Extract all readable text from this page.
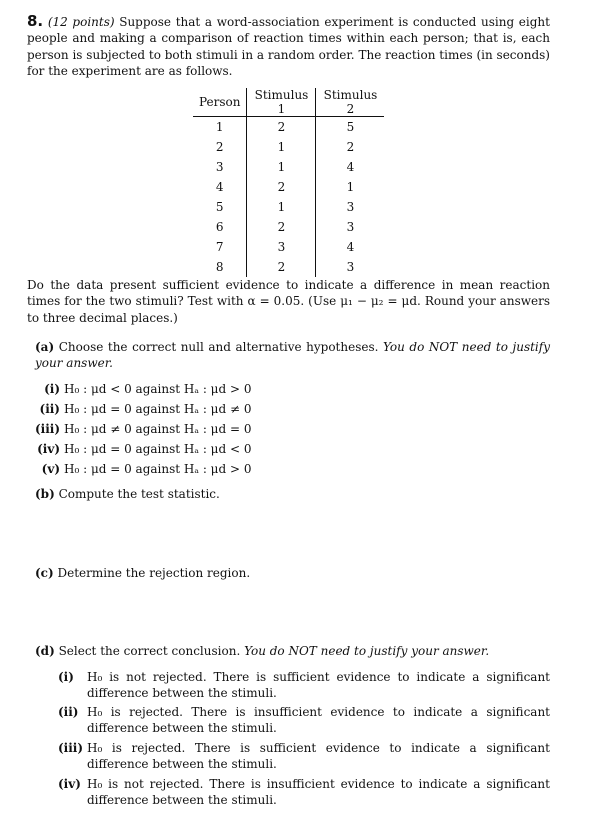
8. (12 points) Suppose that a word-association experiment is conducted using eight people and making a comparison of reaction times within each person; that is, each person is subjected to both stimuli in a random order. The reaction times (in seconds) for the experiment are as follows.
Person	Stimulus 1	Stimulus 2
1	2	5
2	1	2
3	1	4
4	2	1
5	1	3
6	2	3
7	3	4
8	2	3
Do the data present sufficient evidence to indicate a difference in mean reaction times for the two stimuli? Test with α = 0.05. (Use μ₁ − μ₂ = μd. Round your answers to three decimal places.)
(a) Choose the correct null and alternative hypotheses. You do NOT need to justify your answer.
(i) H₀ : μd < 0 against Hₐ : μd > 0
(ii) H₀ : μd = 0 against Hₐ : μd ≠ 0
(iii) H₀ : μd ≠ 0 against Hₐ : μd = 0
(iv) H₀ : μd = 0 against Hₐ : μd < 0
(v) H₀ : μd = 0 against Hₐ : μd > 0
(b) Compute the test statistic.
(c) Determine the rejection region.
(d) Select the correct conclusion. You do NOT need to justify your answer.
(i)	H₀ is not rejected. There is sufficient evidence to indicate a significant difference between the stimuli.
(ii) H₀ is rejected. There is insufficient evidence to indicate a significant difference between the stimuli.
(iii) H₀ is rejected. There is sufficient evidence to indicate a significant difference between the stimuli.
(iv) H₀ is not rejected. There is insufficient evidence to indicate a significant difference between the stimuli.
